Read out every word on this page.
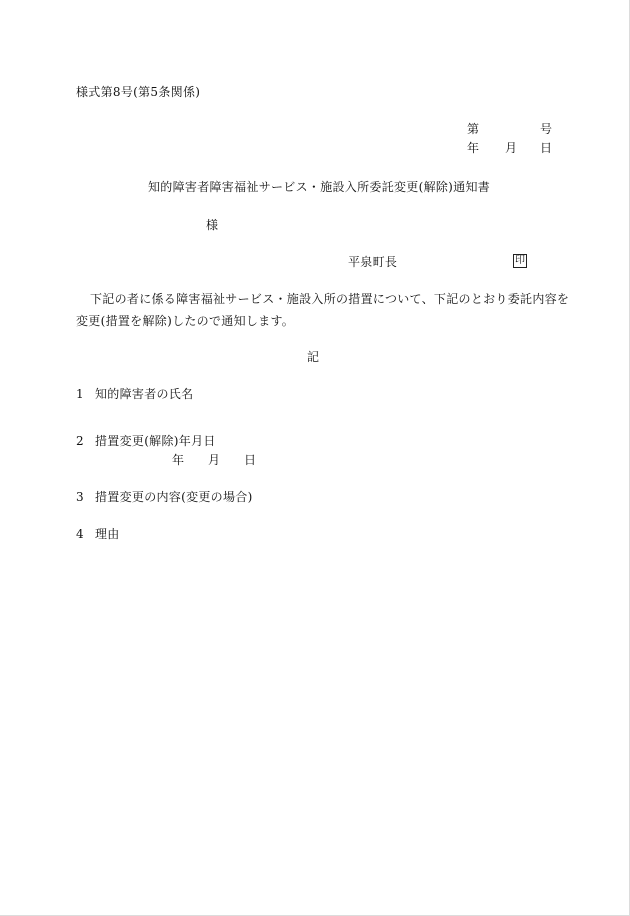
様式第8号(第5条関係)
第	号
年 月 日
知的障害者障害福祉サービス・施設入所委託変更(解除)通知書
様
平泉町長	印
下記の者に係る障害福祉サービス・施設入所の措置について、下記のとおり委託内容を
変更(措置を解除)したので通知します。
記
1 知的障害者の氏名
2 措置変更(解除)年月日
年 月 日
3 措置変更の内容(変更の場合)
4 理由
